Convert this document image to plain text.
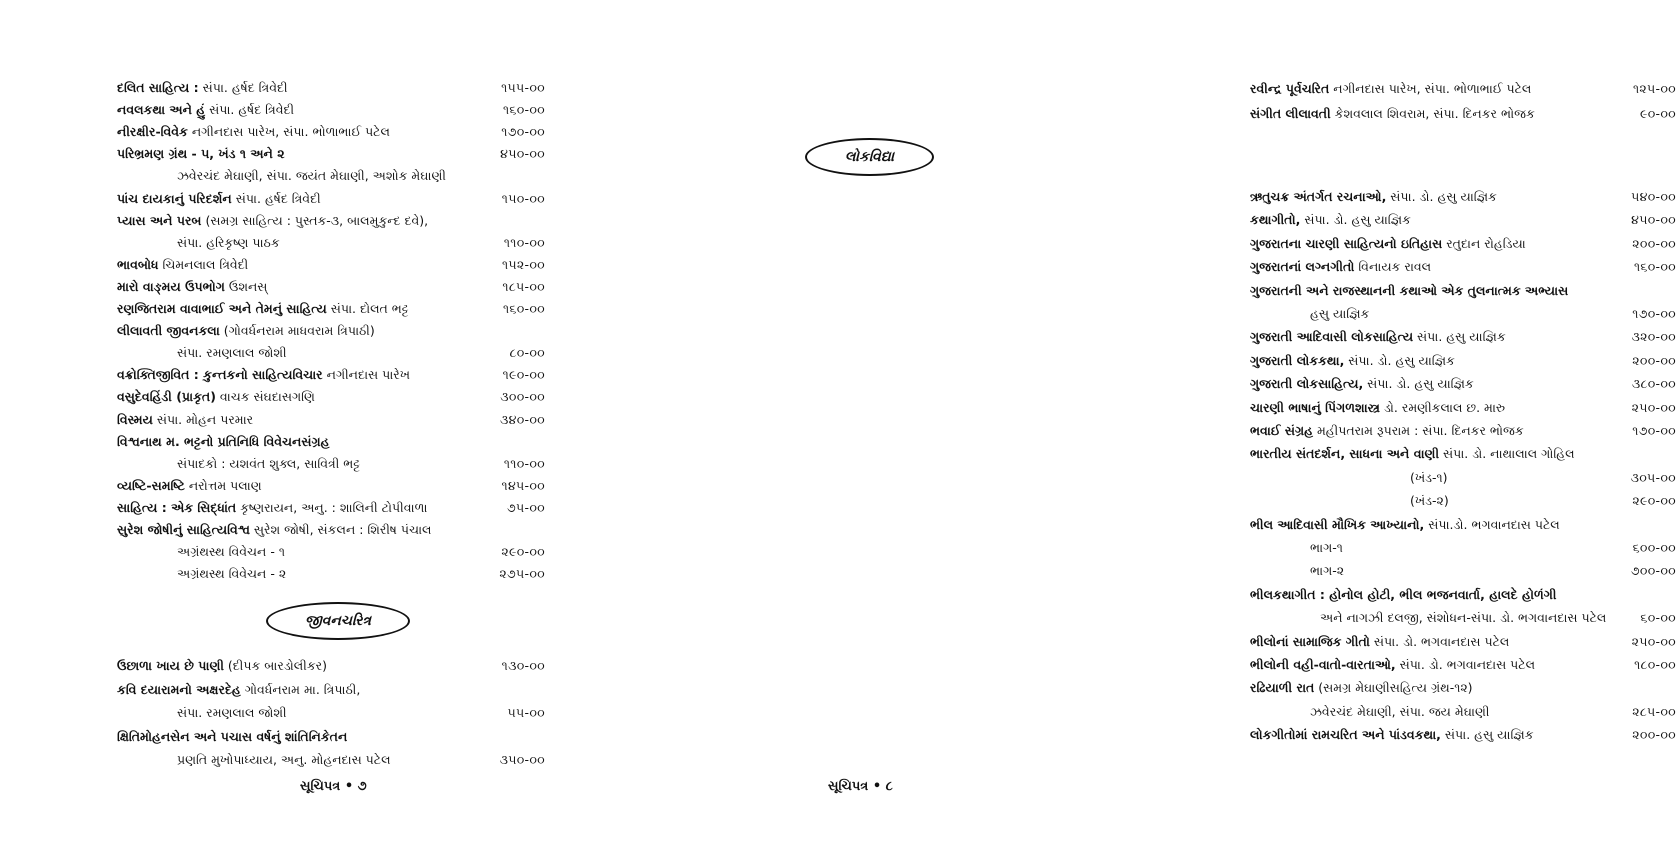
દલિત સાહિત્ય : સંપા. હર્ષદ ત્રિવેદી	૧૫૫-૦૦
નવલકથા અને હું સંપા. હર્ષદ ત્રિવેદી	૧૬૦-૦૦
નીરક્ષીર-વિવેક નગીનદાસ પારેખ, સંપા. ભોળાભાઈ પટેલ	૧૭૦-૦૦
પરિભ્રમણ ગ્રંથ - ૫, ખંડ ૧ અને ૨	૪૫૦-૦૦
ઝવેરચંદ મેઘાણી, સંપા. જયંત મેઘાણી, અશોક મેઘાણી
પાંચ દાયકાનું પરિદર્શન સંપા. હર્ષદ ત્રિવેદી	૧૫૦-૦૦
પ્યાસ અને પરબ (સમગ્ર સાહિત્ય : પુસ્તક-૩, બાલમુકુન્દ દવે),
સંપા. હરિકૃષ્ણ પાઠક	૧૧૦-૦૦
ભાવબોધ ચિમનલાલ ત્રિવેદી	૧૫૨-૦૦
મારો વાઙ્મય ઉપભોગ ઉશનસ્	૧૮૫-૦૦
રણજિતરામ વાવાભાઈ અને તેમનું સાહિત્ય સંપા. દોલત ભટ્ટ	૧૬૦-૦૦
લીલાવતી જીવનકલા (ગોવર્ધનરામ માધવરામ ત્રિપાઠી)
સંપા. રમણલાલ જોશી	૮૦-૦૦
વક્રોક્તિજીવિત : કુન્તકનો સાહિત્યવિચાર નગીનદાસ પારેખ	૧૯૦-૦૦
વસુદેવહિંડી (પ્રાકૃત) વાચક સંઘદાસગણિ	૩૦૦-૦૦
વિસ્મય સંપા. મોહન પરમાર	૩૪૦-૦૦
વિશ્વનાથ મ. ભટ્ટનો પ્રતિનિધિ વિવેચનસંગ્રહ
સંપાદકો : યશવંત શુક્લ, સાવિત્રી ભટ્ટ	૧૧૦-૦૦
વ્યષ્ટિ-સમષ્ટિ નરોત્તમ પલાણ	૧૪૫-૦૦
સાહિત્ય : એક સિદ્ધાંત કૃષ્ણરાયન, અનુ. : શાલિની ટોપીવાળા	૭૫-૦૦
સુરેશ જોષીનું સાહિત્યવિશ્વ સુરેશ જોષી, સંકલન : શિરીષ પંચાલ
અગ્રંથસ્થ વિવેચન - ૧	૨૯૦-૦૦
અગ્રંથસ્થ વિવેચન - ૨	૨૭૫-૦૦
જીવનચરિત્ર
ઉછાળા ખાય છે પાણી (દીપક બારડોલીકર)	૧૩૦-૦૦
કવિ દયારામનો અક્ષરદેહ ગોવર્ધનરામ મા. ત્રિપાઠી,
સંપા. રમણલાલ જોશી	૫૫-૦૦
ક્ષિતિમોહનસેન અને પચાસ વર્ષનું શાંતિનિકેતન
પ્રણતિ મુખોપાધ્યાય, અનુ. મોહનદાસ પટેલ	૩૫૦-૦૦
સૂચિપત્ર • ૭
રવીન્દ્ર પૂર્વચરિત નગીનદાસ પારેખ, સંપા. ભોળાભાઈ પટેલ	૧૨૫-૦૦
સંગીત લીલાવતી કેશવલાલ શિવરામ, સંપા. દિનકર ભોજક	૯૦-૦૦
લોકવિદ્યા
ઋતુચક્ર અંતર્ગત રચનાઓ, સંપા. ડો. હસુ યાજ્ઞિક	૫૪૦-૦૦
કથાગીતો, સંપા. ડો. હસુ યાજ્ઞિક	૪૫૦-૦૦
ગુજરાતના ચારણી સાહિત્યનો ઇતિહાસ રતુદાન રોહડિયા	૨૦૦-૦૦
ગુજરાતનાં લગ્નગીતો વિનાયક રાવલ	૧૬૦-૦૦
ગુજરાતની અને રાજસ્થાનની કથાઓ એક તુલનાત્મક અભ્યાસ
હસુ યાજ્ઞિક	૧૭૦-૦૦
ગુજરાતી આદિવાસી લોકસાહિત્ય સંપા. હસુ યાજ્ઞિક	૩૨૦-૦૦
ગુજરાતી લોકકથા, સંપા. ડો. હસુ યાજ્ઞિક	૨૦૦-૦૦
ગુજરાતી લોકસાહિત્ય, સંપા. ડો. હસુ યાજ્ઞિક	૩૮૦-૦૦
ચારણી ભાષાનું પિંગળશાસ્ત્ર ડો. રમણીકલાલ છ. મારુ	૨૫૦-૦૦
ભવાઈ સંગ્રહ મહીપતરામ રૂપરામ : સંપા. દિનકર ભોજક	૧૭૦-૦૦
ભારતીય સંતદર્શન, સાધના અને વાણી સંપા. ડો. નાથાલાલ ગોહિલ
(ખંડ-૧)	૩૦૫-૦૦
(ખંડ-૨)	૨૯૦-૦૦
ભીલ આદિવાસી મૌખિક આખ્યાનો, સંપા.ડો. ભગવાનદાસ પટેલ
ભાગ-૧	૬૦૦-૦૦
ભાગ-૨	૭૦૦-૦૦
ભીલકથાગીત : હોનોલ હોટી, ભીલ ભજનવાર્તા, હાલદે હોળંગી
અને નાગઝી દલજી, સંશોધન-સંપા. ડો. ભગવાનદાસ પટેલ	૬૦-૦૦
ભીલોનાં સામાજિક ગીતો સંપા. ડો. ભગવાનદાસ પટેલ	૨૫૦-૦૦
ભીલોની વહી-વાતો-વારતાઓ, સંપા. ડો. ભગવાનદાસ પટેલ	૧૮૦-૦૦
રઢિયાળી રાત (સમગ્ર મેઘાણીસહિત્ય ગ્રંથ-૧૨)
ઝવેરચંદ મેઘાણી, સંપા. જય મેઘાણી	૨૮૫-૦૦
લોકગીતોમાં રામચરિત અને પાંડવકથા, સંપા. હસુ યાજ્ઞિક	૨૦૦-૦૦
સૂચિપત્ર • ૮
